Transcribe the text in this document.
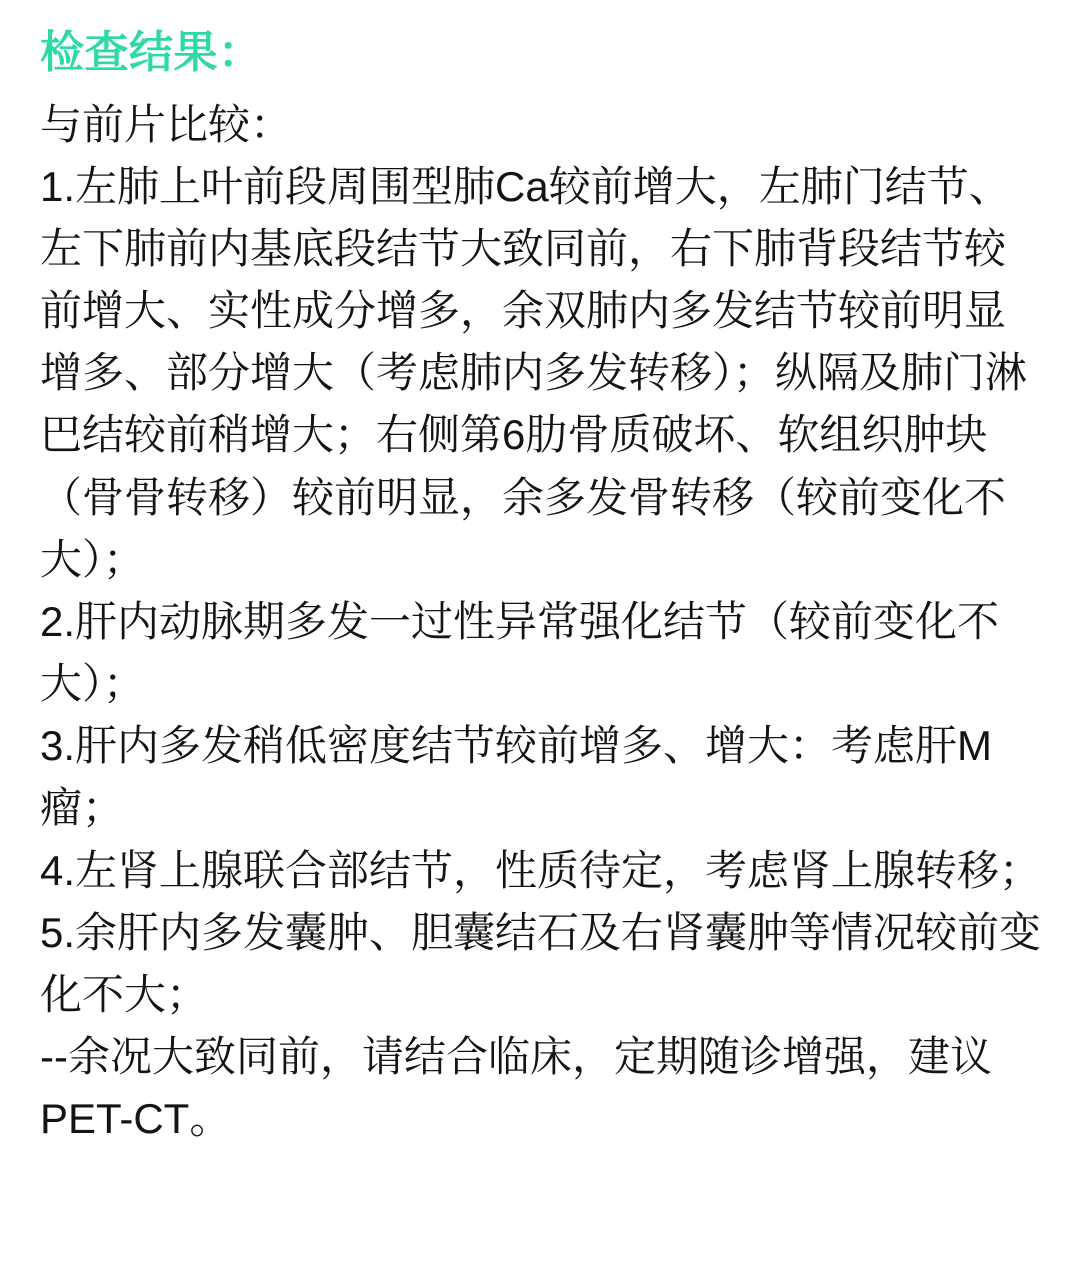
检查结果：

与前片比较：

1.左肺上叶前段周围型肺Ca较前增大，左肺门结节、左下肺前内基底段结节大致同前，右下肺背段结节较前增大、实性成分增多，余双肺内多发结节较前明显增多、部分增大（考虑肺内多发转移）；纵隔及肺门淋巴结较前稍增大；右侧第6肋骨质破坏、软组织肿块（骨骨转移）较前明显，余多发骨转移（较前变化不大）；

2.肝内动脉期多发一过性异常强化结节（较前变化不大）；

3.肝内多发稍低密度结节较前增多、增大：考虑肝M瘤；

4.左肾上腺联合部结节，性质待定，考虑肾上腺转移；

5.余肝内多发囊肿、胆囊结石及右肾囊肿等情况较前变化不大；

--余况大致同前，请结合临床，定期随诊增强，建议PET-CT。
